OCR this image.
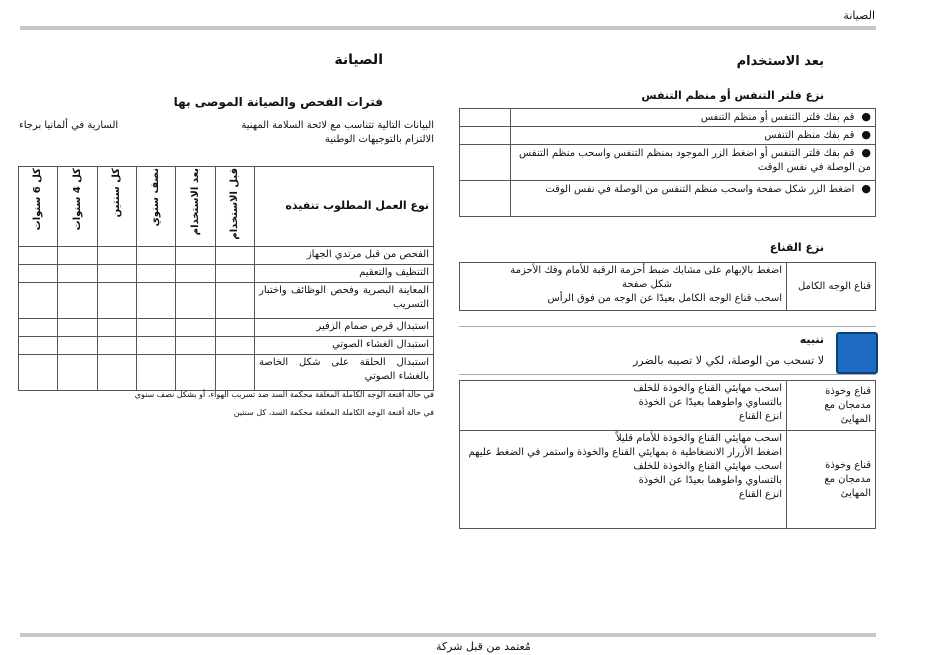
الصيانة
بعد الاستخدام
نزع فلتر التنفس أو منظم التنفس
●  قم بفك فلتر التنفس أو منظم التنفس	
●  قم بفك منظم التنفس	
●  قم بفك فلتر التنفس أو اضغط الزر الموجود بمنظم التنفس واسحب منظم التنفس من الوصلة في نفس الوقت	
●  اضغط الزر شكل صفحة واسحب منظم التنفس من الوصلة في نفس الوقت	
نزع القناع
قناع الوجه الكامل	
اضغط بالإبهام على مشابك ضبط أحزمة الرقبة للأمام وفك الأحزمة
شكل صفحة
اسحب قناع الوجه الكامل بعيدًا عن الوجه من فوق الرأس
تنبيه
لا تسحب من الوصلة، لكي لا تصيبه بالضرر
قناع وخوذة مدمجان مع المهايئ	اسحب مهايئي القناع والخوذة للخلف بالتساوي واطوهما بعيدًا عن الخوذة
انزع القناع

قناع وخوذة مدمجان مع المهايئ	اسحب مهايئي القناع والخوذة للأمام قليلاً
اضغط الأزرار الانضغاطية ة بمهايئي القناع والخوذة واستمر في الضغط عليهم
اسحب مهايئي القناع والخوذة للخلف بالتساوي واطوهما بعيدًا عن الخوذة
انزع القناع
الصيانة
فترات الفحص والصيانة الموصى بها
البيانات التالية تتناسب مع لائحة السلامة المهنية
السارية في ألمانيا برجاء
الالتزام بالتوجيهات الوطنية
نوع العمل المطلوب تنفيذه	قبل الاستخدام	بعد الاستخدام	نصف سنوي	كل سنتين	كل 4 سنوات	كل 6 سنوات
الفحص من قبل مرتدي الجهاز						
التنظيف والتعقيم						
المعاينة البصرية وفحص الوظائف واختبار التسريب						
استبدال قرص صمام الزفير						
استبدال الغشاء الصوتي						
استبدال الحلقة على شكل الخاصة بالغشاء الصوتي						
في حالة أقنعة الوجه الكاملة المغلقة محكمة السد ضد تسريب الهواء، أو بشكل نصف سنوي
في حالة أقنعة الوجه الكاملة المغلقة محكمة السد، كل سنتين
مُعتمد من قبل شركة
